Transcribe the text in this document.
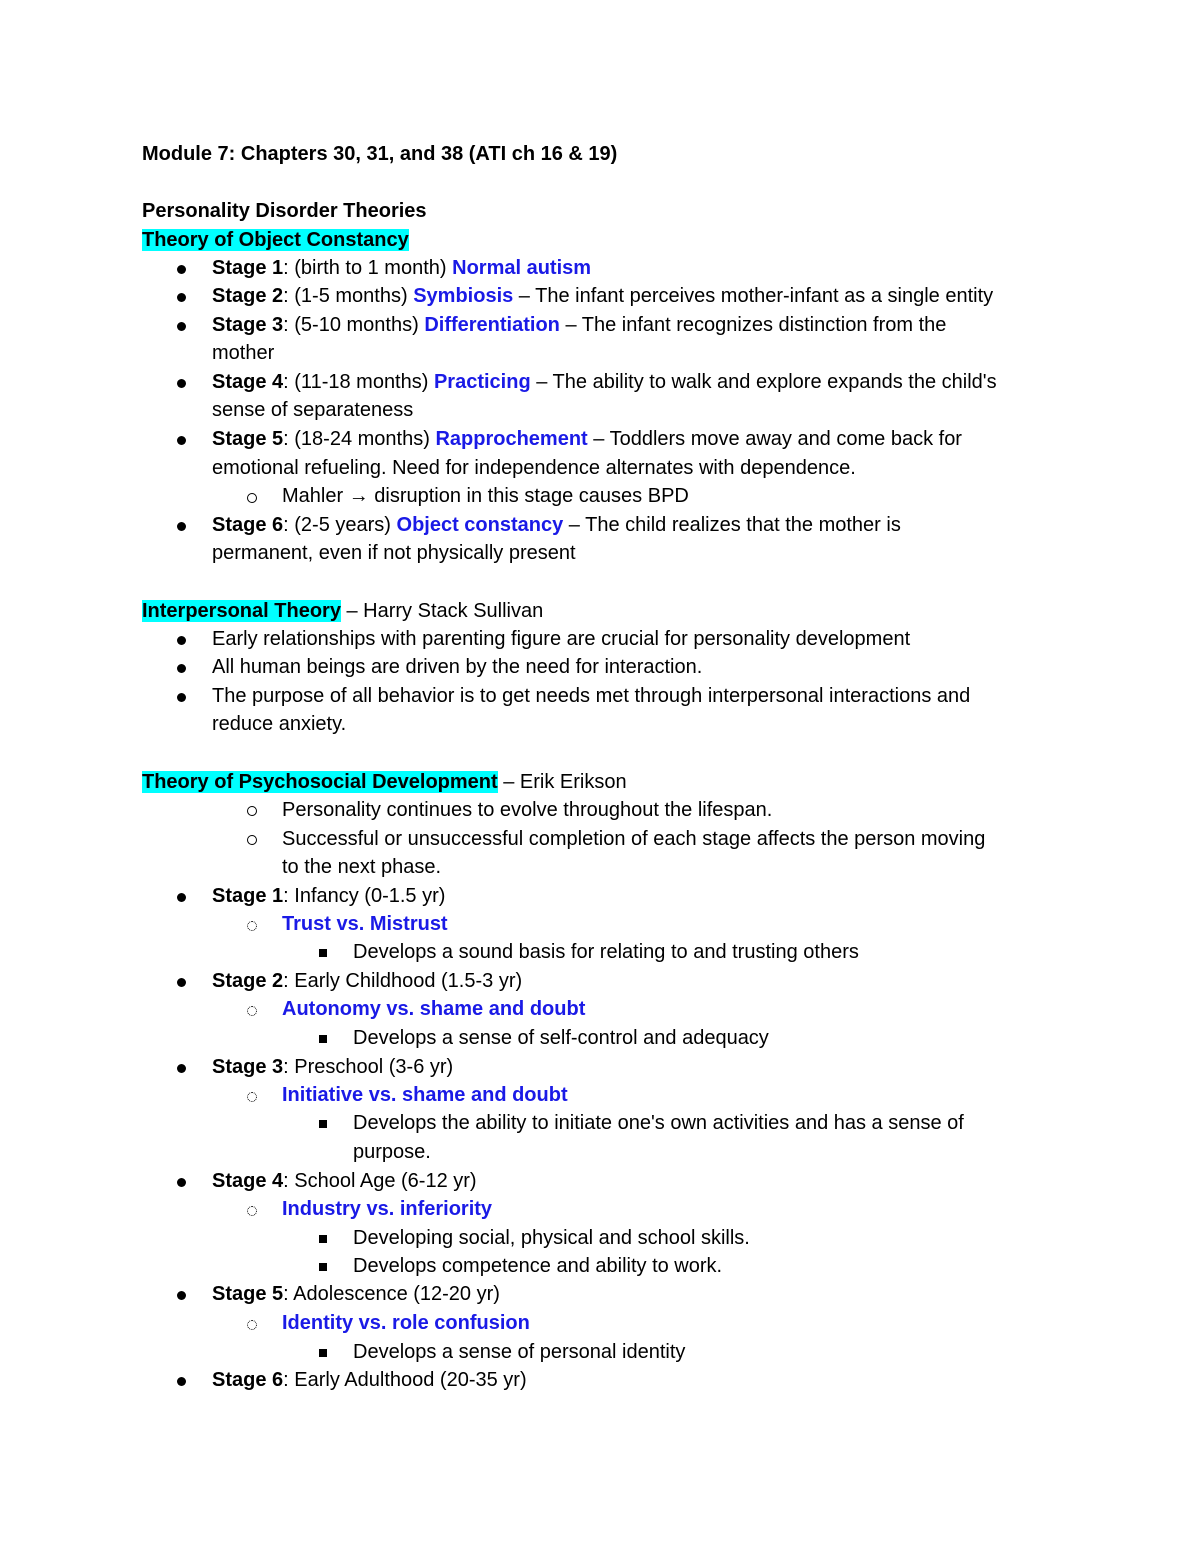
Module 7: Chapters 30, 31, and 38 (ATI ch 16 & 19)
Personality Disorder Theories
Theory of Object Constancy
Stage 1: (birth to 1 month) Normal autism
Stage 2: (1-5 months) Symbiosis – The infant perceives mother-infant as a single entity
Stage 3: (5-10 months) Differentiation – The infant recognizes distinction from the
mother
Stage 4: (11-18 months) Practicing – The ability to walk and explore expands the child's
sense of separateness
Stage 5: (18-24 months) Rapprochement – Toddlers move away and come back for
emotional refueling. Need for independence alternates with dependence.
Mahler → disruption in this stage causes BPD
Stage 6: (2-5 years) Object constancy – The child realizes that the mother is
permanent, even if not physically present
Interpersonal Theory – Harry Stack Sullivan
Early relationships with parenting figure are crucial for personality development
All human beings are driven by the need for interaction.
The purpose of all behavior is to get needs met through interpersonal interactions and
reduce anxiety.
Theory of Psychosocial Development – Erik Erikson
Personality continues to evolve throughout the lifespan.
Successful or unsuccessful completion of each stage affects the person moving
to the next phase.
Stage 1: Infancy (0-1.5 yr)
Trust vs. Mistrust
Develops a sound basis for relating to and trusting others
Stage 2: Early Childhood (1.5-3 yr)
Autonomy vs. shame and doubt
Develops a sense of self-control and adequacy
Stage 3: Preschool (3-6 yr)
Initiative vs. shame and doubt
Develops the ability to initiate one's own activities and has a sense of
purpose.
Stage 4: School Age (6-12 yr)
Industry vs. inferiority
Developing social, physical and school skills.
Develops competence and ability to work.
Stage 5: Adolescence (12-20 yr)
Identity vs. role confusion
Develops a sense of personal identity
Stage 6: Early Adulthood (20-35 yr)
